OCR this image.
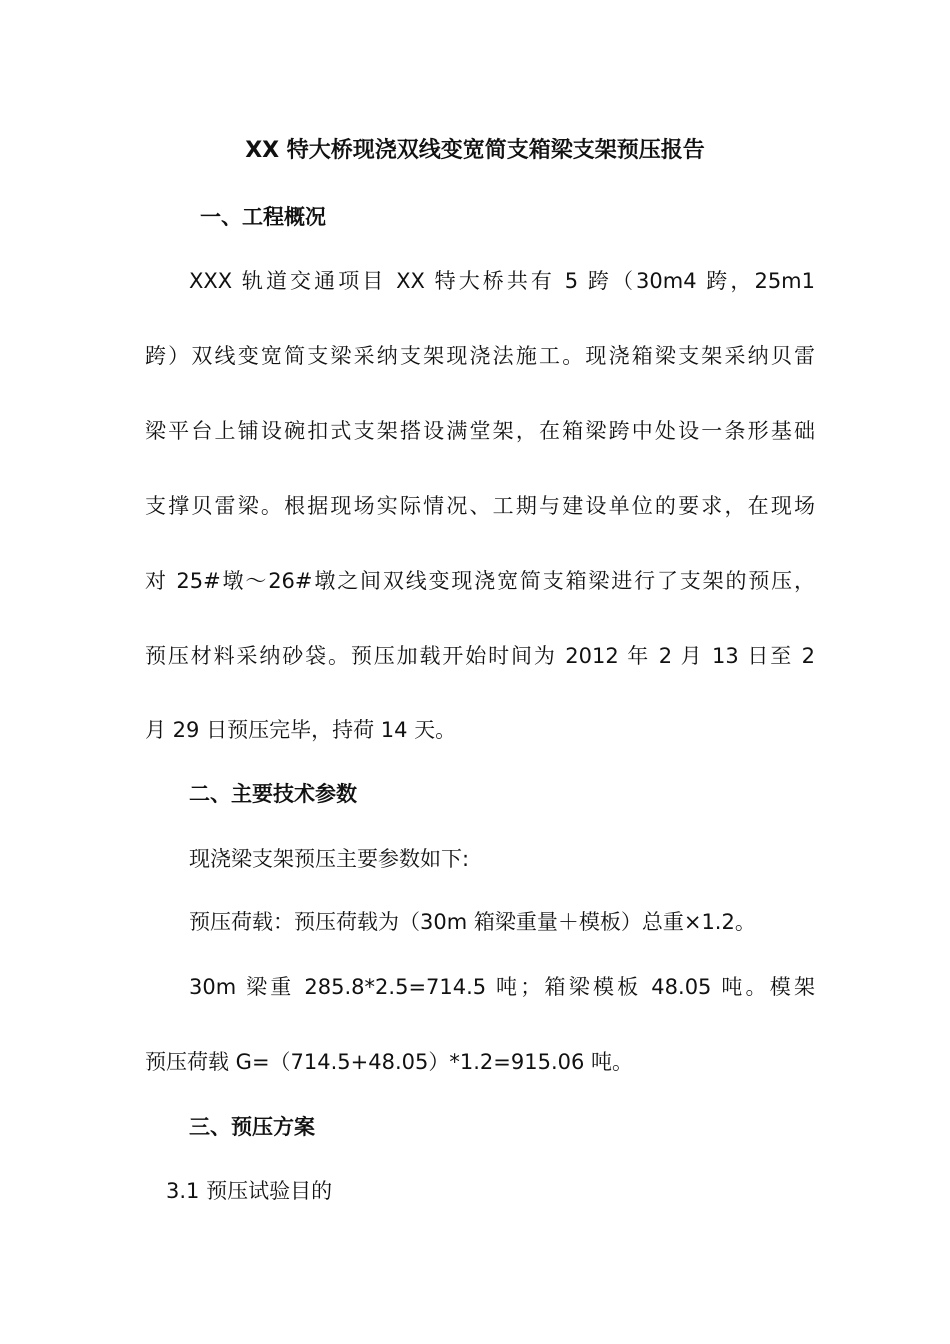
XX 特大桥现浇双线变宽简支箱梁支架预压报告
一、工程概况

XXX 轨道交通项目 XX 特大桥共有 5 跨（30m4 跨，25m1

跨）双线变宽简支梁采纳支架现浇法施工。现浇箱梁支架采纳贝雷

梁平台上铺设碗扣式支架搭设满堂架，在箱梁跨中处设一条形基础

支撑贝雷梁。根据现场实际情况、工期与建设单位的要求，在现场

对 25#墩～26#墩之间双线变现浇宽简支箱梁进行了支架的预压，

预压材料采纳砂袋。预压加载开始时间为 2012 年 2 月 13 日至 2

月 29 日预压完毕，持荷 14 天。

二、主要技术参数

现浇梁支架预压主要参数如下:

预压荷载：预压荷载为（30m 箱梁重量＋模板）总重×1.2。

30m 梁重 285.8*2.5=714.5 吨；箱梁模板 48.05 吨。模架

预压荷载 G=（714.5+48.05）*1.2=915.06 吨。

三、预压方案

3.1 预压试验目的
